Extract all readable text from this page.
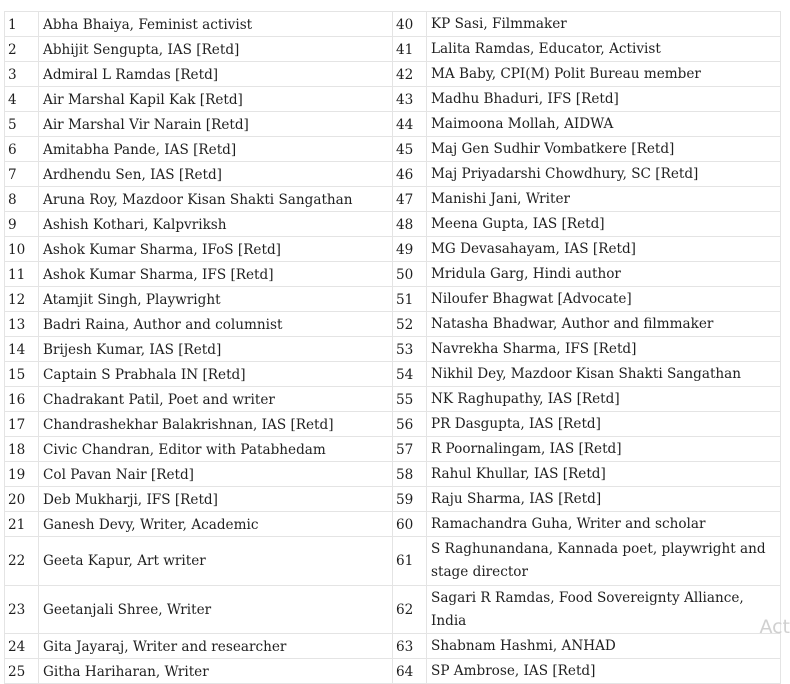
1	Abha Bhaiya, Feminist activist	40	KP Sasi, Filmmaker
2	Abhijit Sengupta, IAS [Retd]	41	Lalita Ramdas, Educator, Activist
3	Admiral L Ramdas [Retd]	42	MA Baby, CPI(M) Polit Bureau member
4	Air Marshal Kapil Kak [Retd]	43	Madhu Bhaduri, IFS [Retd]
5	Air Marshal Vir Narain [Retd]	44	Maimoona Mollah, AIDWA
6	Amitabha Pande, IAS [Retd]	45	Maj Gen Sudhir Vombatkere [Retd]
7	Ardhendu Sen, IAS [Retd]	46	Maj Priyadarshi Chowdhury, SC [Retd]
8	Aruna Roy, Mazdoor Kisan Shakti Sangathan	47	Manishi Jani, Writer
9	Ashish Kothari, Kalpvriksh	48	Meena Gupta, IAS [Retd]
10	Ashok Kumar Sharma, IFoS [Retd]	49	MG Devasahayam, IAS [Retd]
11	Ashok Kumar Sharma, IFS [Retd]	50	Mridula Garg, Hindi author
12	Atamjit Singh, Playwright	51	Niloufer Bhagwat [Advocate]
13	Badri Raina, Author and columnist	52	Natasha Bhadwar, Author and filmmaker
14	Brijesh Kumar, IAS [Retd]	53	Navrekha Sharma, IFS [Retd]
15	Captain S Prabhala IN [Retd]	54	Nikhil Dey, Mazdoor Kisan Shakti Sangathan
16	Chadrakant Patil, Poet and writer	55	NK Raghupathy, IAS [Retd]
17	Chandrashekhar Balakrishnan, IAS [Retd]	56	PR Dasgupta, IAS [Retd]
18	Civic Chandran, Editor with Patabhedam	57	R Poornalingam, IAS [Retd]
19	Col Pavan Nair [Retd]	58	Rahul Khullar, IAS [Retd]
20	Deb Mukharji, IFS [Retd]	59	Raju Sharma, IAS [Retd]
21	Ganesh Devy, Writer, Academic	60	Ramachandra Guha, Writer and scholar
22	Geeta Kapur, Art writer	61	S Raghunandana, Kannada poet, playwright and stage director
23	Geetanjali Shree, Writer	62	Sagari R Ramdas, Food Sovereignty Alliance, India
24	Gita Jayaraj, Writer and researcher	63	Shabnam Hashmi, ANHAD
25	Githa Hariharan, Writer	64	SP Ambrose, IAS [Retd]
Act
